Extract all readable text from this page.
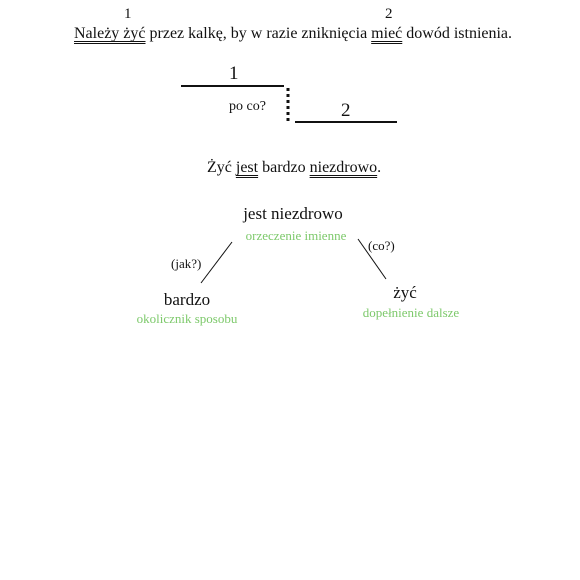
1	2
Należy żyć przez kalkę, by w razie zniknięcia mieć dowód istnienia.
1
po co?	2
Żyć jest bardzo niezdrowo.
jest niezdrowo
orzeczenie imienne
(jak?)
(co?)
bardzo
okolicznik sposobu
żyć
dopełnienie dalsze
